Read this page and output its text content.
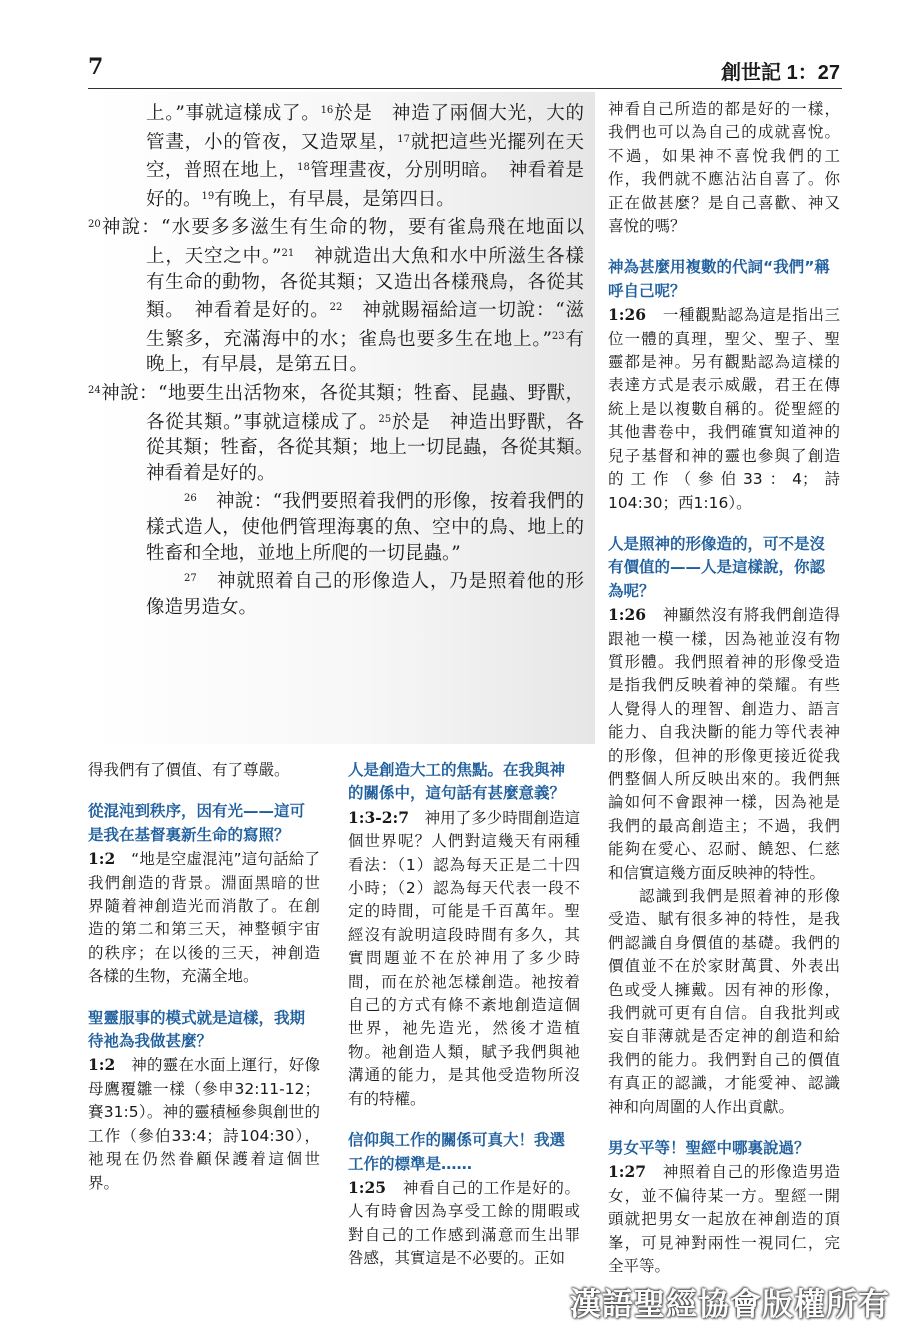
7	創世記 1：27

上。”事就這樣成了。$^{16}$於是　神造了兩個大光，大的管晝，小的管夜，又造眾星，$^{17}$就把這些光擺列在天空，普照在地上，$^{18}$管理晝夜，分別明暗。　神看着是好的。$^{19}$有晚上，有早晨，是第四日。

$^{20}$神說：“水要多多滋生有生命的物，要有雀鳥飛在地面以上，天空之中。”$^{21}$　神就造出大魚和水中所滋生各樣有生命的動物，各從其類；又造出各樣飛鳥，各從其類。　神看着是好的。$^{22}$　神就賜福給這一切說：“滋生繁多，充滿海中的水；雀鳥也要多生在地上。”$^{23}$有晚上，有早晨，是第五日。

$^{24}$神說：“地要生出活物來，各從其類；牲畜、昆蟲、野獸，各從其類。”事就這樣成了。$^{25}$於是　神造出野獸，各從其類；牲畜，各從其類；地上一切昆蟲，各從其類。　神看着是好的。

$^{26}$　神說：“我們要照着我們的形像，按着我們的樣式造人，使他們管理海裏的魚、空中的鳥、地上的牲畜和全地，並地上所爬的一切昆蟲。”

$^{27}$　神就照着自己的形像造人，乃是照着他的形像造男造女。

神看自己所造的都是好的一樣，我們也可以為自己的成就喜悅。不過，如果神不喜悅我們的工作，我們就不應沾沾自喜了。你正在做甚麼？是自己喜歡、神又喜悅的嗎？

神為甚麼用複數的代詞“我們”稱呼自己呢？

1:26　一種觀點認為這是指出三位一體的真理，聖父、聖子、聖靈都是神。另有觀點認為這樣的表達方式是表示威嚴，君王在傳統上是以複數自稱的。從聖經的其他書卷中，我們確實知道神的兒子基督和神的靈也參與了創造的工作（參伯33：4；詩104:30；西1:16）。

人是照神的形像造的，可不是沒有價值的——人是這樣說，你認為呢？

1:26　神顯然沒有將我們創造得跟祂一模一樣，因為祂並沒有物質形體。我們照着神的形像受造是指我們反映着神的榮耀。有些人覺得人的理智、創造力、語言能力、自我決斷的能力等代表神的形像，但神的形像更接近從我們整個人所反映出來的。我們無論如何不會跟神一樣，因為祂是我們的最高創造主；不過，我們能夠在愛心、忍耐、饒恕、仁慈和信實這幾方面反映神的特性。

認識到我們是照着神的形像受造、賦有很多神的特性，是我們認識自身價值的基礎。我們的價值並不在於家財萬貫、外表出色或受人擁戴。因有神的形像，我們就可更有自信。自我批判或妄自菲薄就是否定神的創造和給我們的能力。我們對自己的價值有真正的認識，才能愛神、認識神和向周圍的人作出貢獻。

男女平等！聖經中哪裏說過？

1:27　神照着自己的形像造男造女，並不偏待某一方。聖經一開頭就把男女一起放在神創造的頂峯，可見神對兩性一視同仁，完全平等。

得我們有了價值、有了尊嚴。

從混沌到秩序，因有光——這可是我在基督裏新生命的寫照？

1:2　“地是空虛混沌”這句話給了我們創造的背景。淵面黑暗的世界隨着神創造光而消散了。在創造的第二和第三天，神整頓宇宙的秩序；在以後的三天，神創造各樣的生物，充滿全地。

聖靈服事的模式就是這樣，我期待祂為我做甚麼？

1:2　神的靈在水面上運行，好像母鷹覆雛一樣（參申32:11-12；賽31:5）。神的靈積極參與創世的工作（參伯33:4；詩104:30），祂現在仍然眷顧保護着這個世界。

人是創造大工的焦點。在我與神的關係中，這句話有甚麼意義？

1:3-2:7　神用了多少時間創造這個世界呢？人們對這幾天有兩種看法：（1）認為每天正是二十四小時；（2）認為每天代表一段不定的時間，可能是千百萬年。聖經沒有說明這段時間有多久，其實問題並不在於神用了多少時間，而在於祂怎樣創造。祂按着自己的方式有條不紊地創造這個世界，祂先造光，然後才造植物。祂創造人類，賦予我們與祂溝通的能力，是其他受造物所沒有的特權。

信仰與工作的關係可真大！我選工作的標準是……

1:25　神看自己的工作是好的。人有時會因為享受工餘的閒暇或對自己的工作感到滿意而生出罪咎感，其實這是不必要的。正如

漢語聖經協會版權所有
